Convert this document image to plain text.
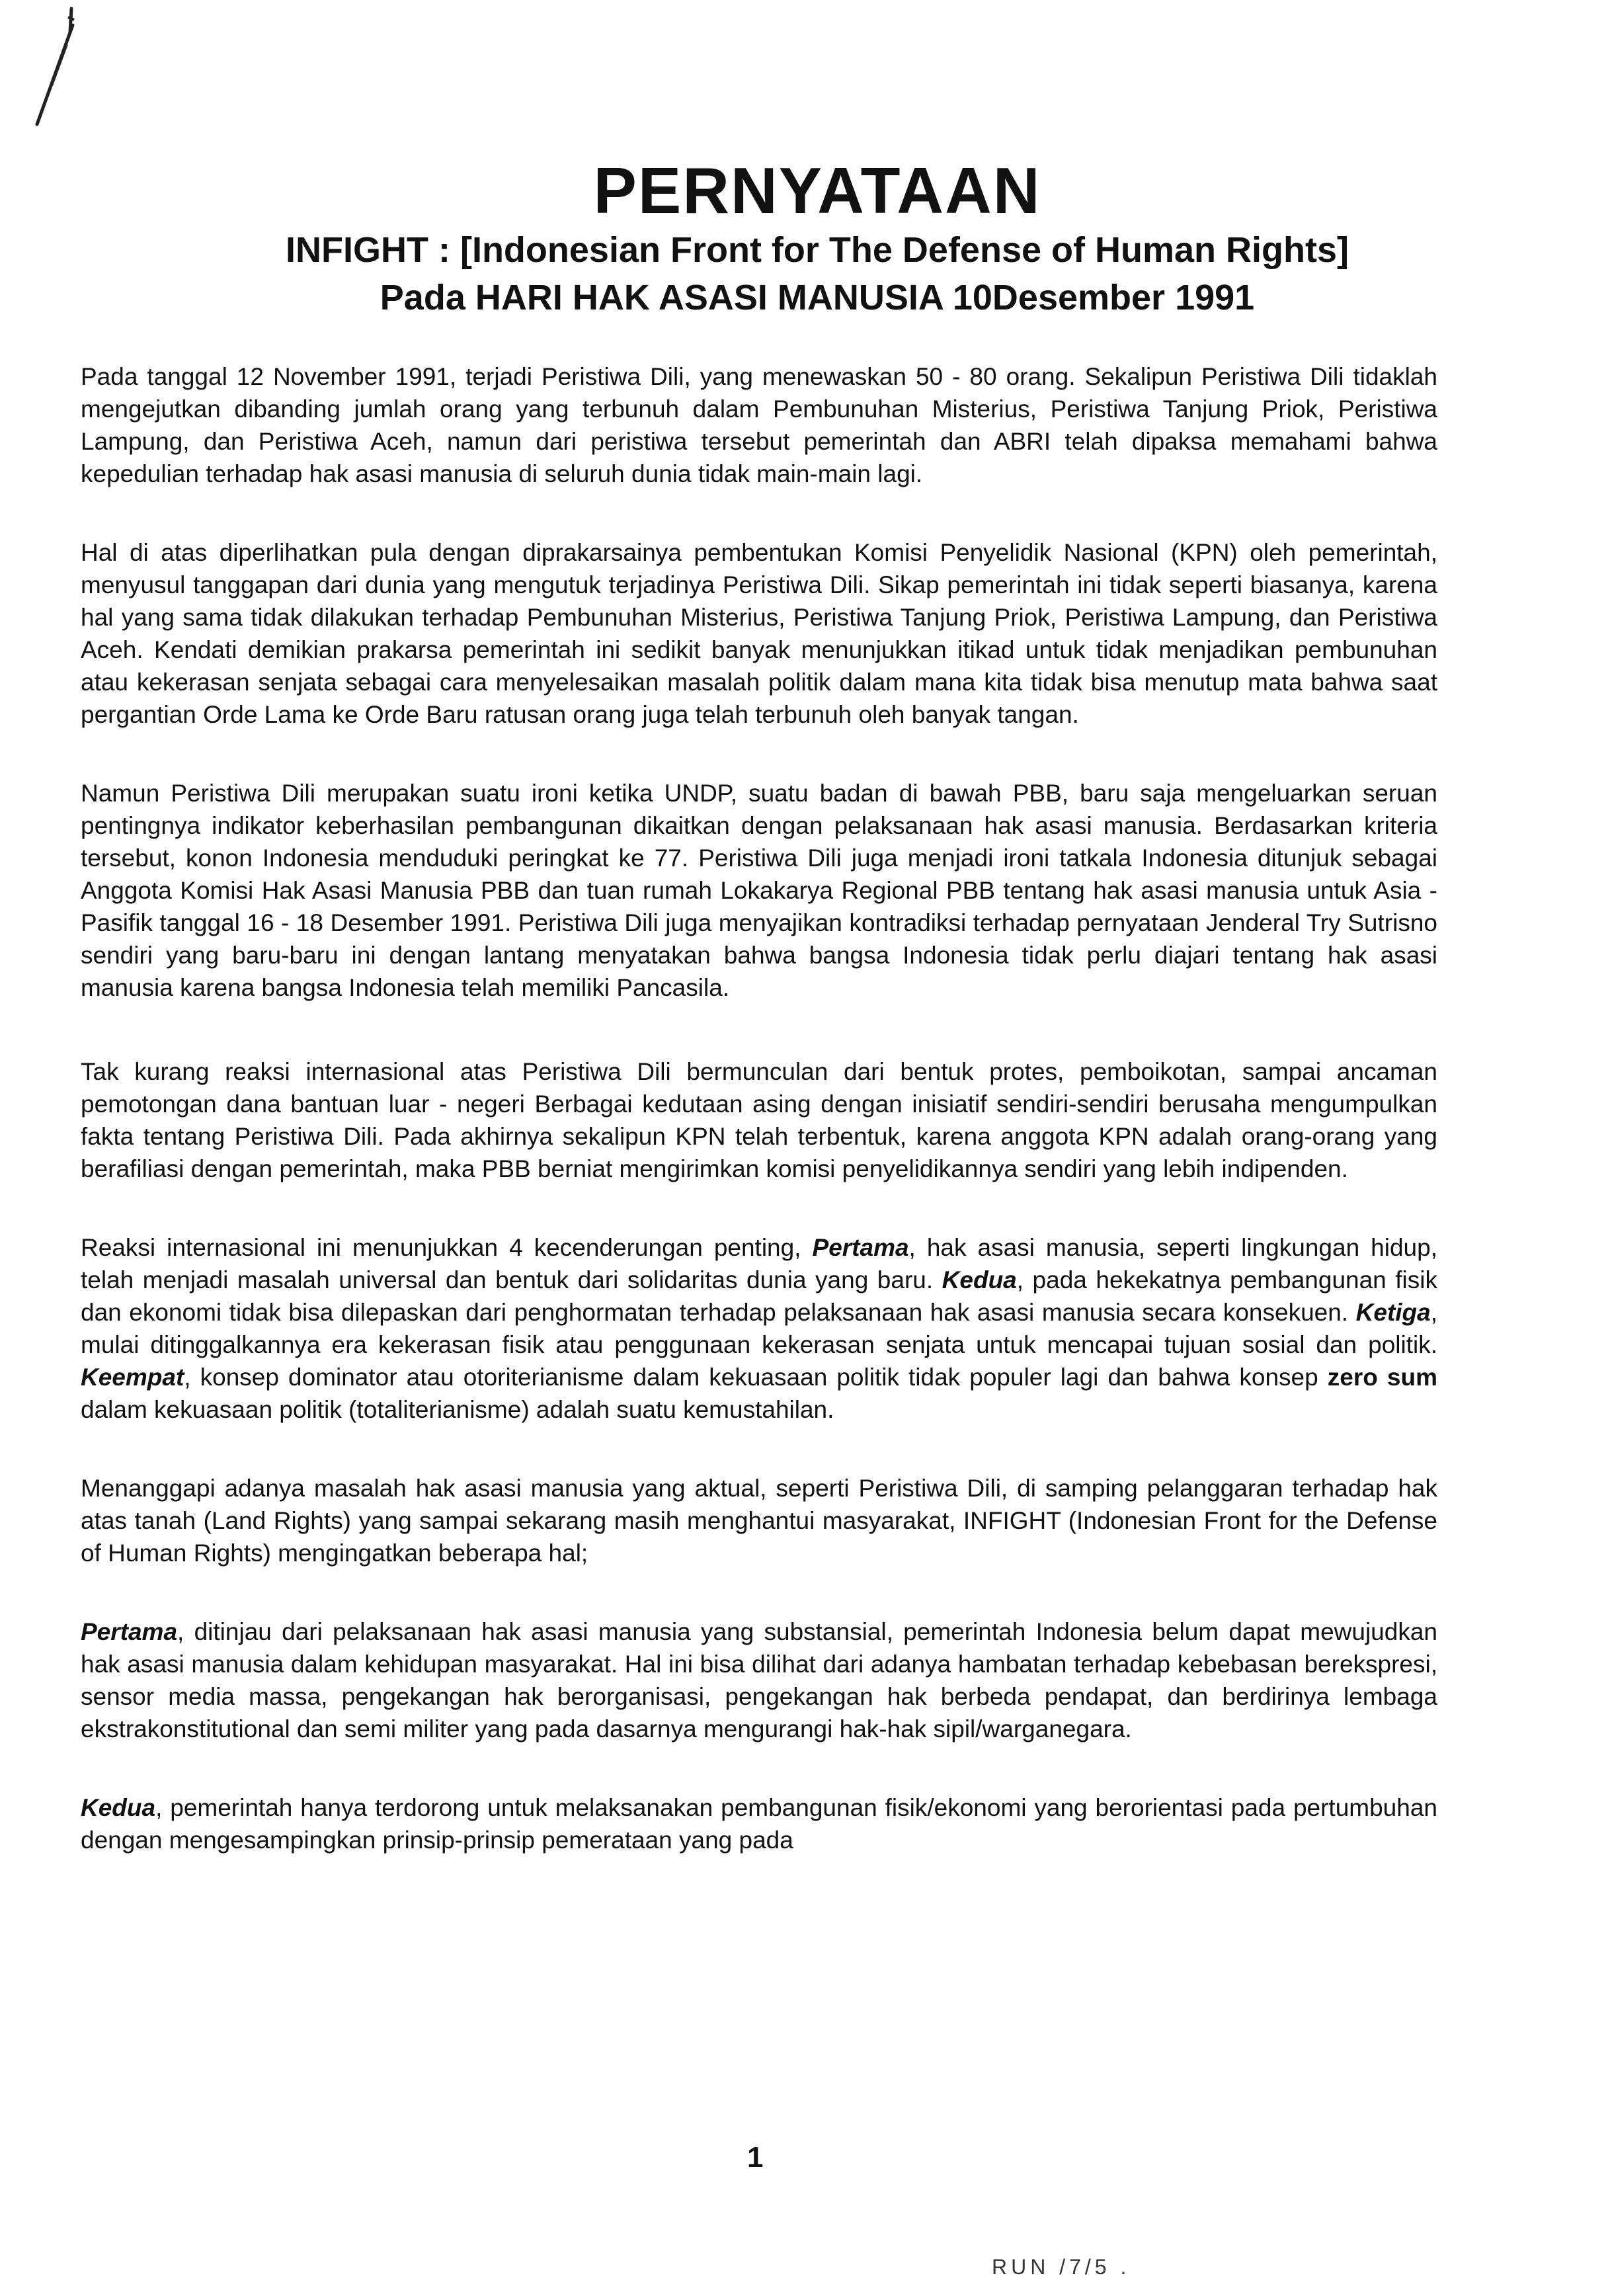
PERNYATAAN
INFIGHT : [Indonesian Front for The Defense of Human Rights]
Pada HARI HAK ASASI MANUSIA 10Desember 1991

Pada tanggal 12 November 1991, terjadi Peristiwa Dili, yang menewaskan 50 - 80 orang. Sekalipun Peristiwa Dili tidaklah mengejutkan dibanding jumlah orang yang terbunuh dalam Pembunuhan Misterius, Peristiwa Tanjung Priok, Peristiwa Lampung, dan Peristiwa Aceh, namun dari peristiwa tersebut pemerintah dan ABRI telah dipaksa memahami bahwa kepedulian terhadap hak asasi manusia di seluruh dunia tidak main-main lagi.

Hal di atas diperlihatkan pula dengan diprakarsainya pembentukan Komisi Penyelidik Nasional (KPN) oleh pemerintah, menyusul tanggapan dari dunia yang mengutuk terjadinya Peristiwa Dili. Sikap pemerintah ini tidak seperti biasanya, karena hal yang sama tidak dilakukan terhadap Pembunuhan Misterius, Peristiwa Tanjung Priok, Peristiwa Lampung, dan Peristiwa Aceh. Kendati demikian prakarsa pemerintah ini sedikit banyak menunjukkan itikad untuk tidak menjadikan pembunuhan atau kekerasan senjata sebagai cara menyelesaikan masalah politik dalam mana kita tidak bisa menutup mata bahwa saat pergantian Orde Lama ke Orde Baru ratusan orang juga telah terbunuh oleh banyak tangan.

Namun Peristiwa Dili merupakan suatu ironi ketika UNDP, suatu badan di bawah PBB, baru saja mengeluarkan seruan pentingnya indikator keberhasilan pembangunan dikaitkan dengan pelaksanaan hak asasi manusia. Berdasarkan kriteria tersebut, konon Indonesia menduduki peringkat ke 77. Peristiwa Dili juga menjadi ironi tatkala Indonesia ditunjuk sebagai Anggota Komisi Hak Asasi Manusia PBB dan tuan rumah Lokakarya Regional PBB tentang hak asasi manusia untuk Asia - Pasifik tanggal 16 - 18 Desember 1991. Peristiwa Dili juga menyajikan kontradiksi terhadap pernyataan Jenderal Try Sutrisno sendiri yang baru-baru ini dengan lantang menyatakan bahwa bangsa Indonesia tidak perlu diajari tentang hak asasi manusia karena bangsa Indonesia telah memiliki Pancasila.

Tak kurang reaksi internasional atas Peristiwa Dili bermunculan dari bentuk protes, pemboikotan, sampai ancaman pemotongan dana bantuan luar - negeri Berbagai kedutaan asing dengan inisiatif sendiri-sendiri berusaha mengumpulkan fakta tentang Peristiwa Dili. Pada akhirnya sekalipun KPN telah terbentuk, karena anggota KPN adalah orang-orang yang berafiliasi dengan pemerintah, maka PBB berniat mengirimkan komisi penyelidikannya sendiri yang lebih indipenden.

Reaksi internasional ini menunjukkan 4 kecenderungan penting, Pertama, hak asasi manusia, seperti lingkungan hidup, telah menjadi masalah universal dan bentuk dari solidaritas dunia yang baru. Kedua, pada hekekatnya pembangunan fisik dan ekonomi tidak bisa dilepaskan dari penghormatan terhadap pelaksanaan hak asasi manusia secara konsekuen. Ketiga, mulai ditinggalkannya era kekerasan fisik atau penggunaan kekerasan senjata untuk mencapai tujuan sosial dan politik. Keempat, konsep dominator atau otoriterianisme dalam kekuasaan politik tidak populer lagi dan bahwa konsep zero sum dalam kekuasaan politik (totaliterianisme) adalah suatu kemustahilan.

Menanggapi adanya masalah hak asasi manusia yang aktual, seperti Peristiwa Dili, di samping pelanggaran terhadap hak atas tanah (Land Rights) yang sampai sekarang masih menghantui masyarakat, INFIGHT (Indonesian Front for the Defense of Human Rights) mengingatkan beberapa hal;

Pertama, ditinjau dari pelaksanaan hak asasi manusia yang substansial, pemerintah Indonesia belum dapat mewujudkan hak asasi manusia dalam kehidupan masyarakat. Hal ini bisa dilihat dari adanya hambatan terhadap kebebasan berekspresi, sensor media massa, pengekangan hak berorganisasi, pengekangan hak berbeda pendapat, dan berdirinya lembaga ekstrakonstitutional dan semi militer yang pada dasarnya mengurangi hak-hak sipil/warganegara.

Kedua, pemerintah hanya terdorong untuk melaksanakan pembangunan fisik/ekonomi yang berorientasi pada pertumbuhan dengan mengesampingkan prinsip-prinsip pemerataan yang pada

1
RUN /7/5 .
